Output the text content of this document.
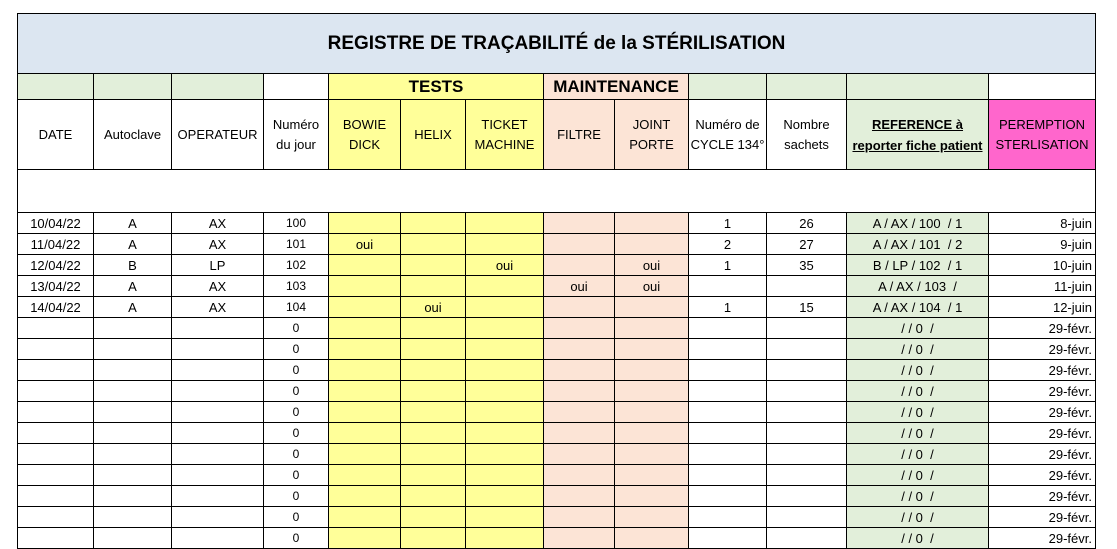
REGISTRE DE TRAÇABILITÉ de la STÉRILISATION												
				TESTS			MAINTENANCE					
DATE	Autoclave	OPERATEUR	Numéro du jour	BOWIE DICK	HELIX	TICKET MACHINE	FILTRE	JOINT PORTE	Numéro de CYCLE 134°	Nombre sachets	REFERENCE à reporter fiche patient	PEREMPTION STERLISATION

10/04/22	A	AX	100						1	26	A / AX / 100  / 1	8-juin
11/04/22	A	AX	101	oui					2	27	A / AX / 101  / 2	9-juin
12/04/22	B	LP	102			oui		oui	1	35	B / LP / 102  / 1	10-juin
13/04/22	A	AX	103				oui	oui			A / AX / 103  /	11-juin
14/04/22	A	AX	104		oui				1	15	A / AX / 104  / 1	12-juin
			0								/ / 0  /	29-févr.
			0								/ / 0  /	29-févr.
			0								/ / 0  /	29-févr.
			0								/ / 0  /	29-févr.
			0								/ / 0  /	29-févr.
			0								/ / 0  /	29-févr.
			0								/ / 0  /	29-févr.
			0								/ / 0  /	29-févr.
			0								/ / 0  /	29-févr.
			0								/ / 0  /	29-févr.
			0								/ / 0  /	29-févr.
